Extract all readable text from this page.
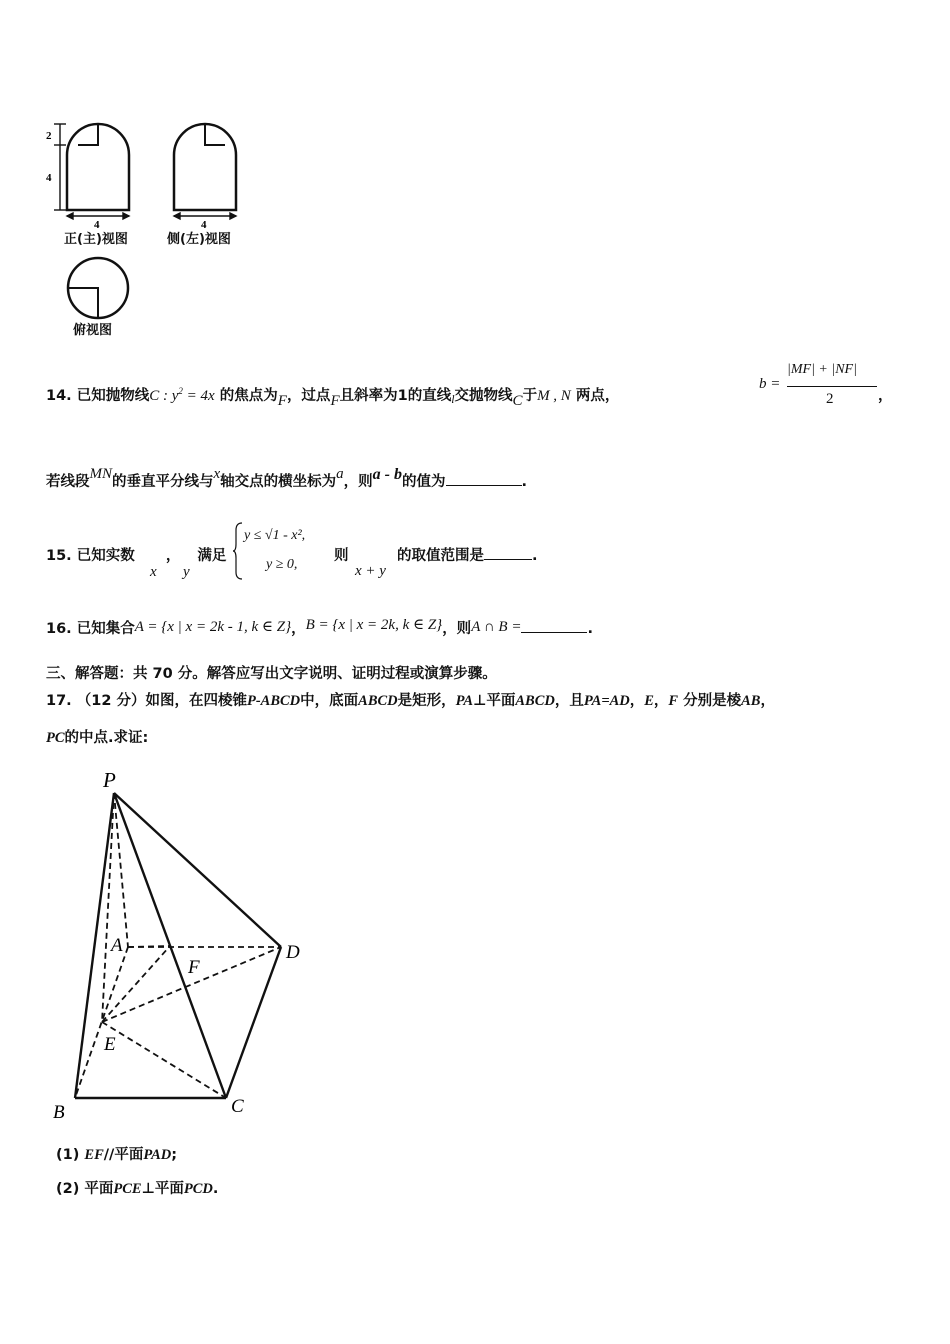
2
4
4	4
正(主)视图	侧(左)视图
俯视图
14. 已知抛物线C : $y^2 = 4x$ 的焦点为F，过点F且斜率为1的直线$_l$交抛物线C于M , N 两点，
b =
|MF| + |NF|
2	，
若线段MN的垂直平分线与x轴交点的横坐标为a，则a - b的值为	.
15. 已知实数 ， 满足
x y
y ≤ √1 - x²,
y ≥ 0,
则
x + y
的取值范围是	.
16. 已知集合A = {x | x = 2k - 1, k ∈ Z}，B = {x | x = 2k, k ∈ Z}，则A ∩ B =	.
三、解答题：共 70 分。解答应写出文字说明、证明过程或演算步骤。
17. （12 分）如图，在四棱锥P-ABCD中，底面ABCD是矩形，PA⊥平面ABCD，且PA=AD，E，F 分别是棱AB，
PC的中点.求证:
P
A
F
D
E
B	C
(1) EF//平面PAD;
(2) 平面PCE⊥平面PCD.
